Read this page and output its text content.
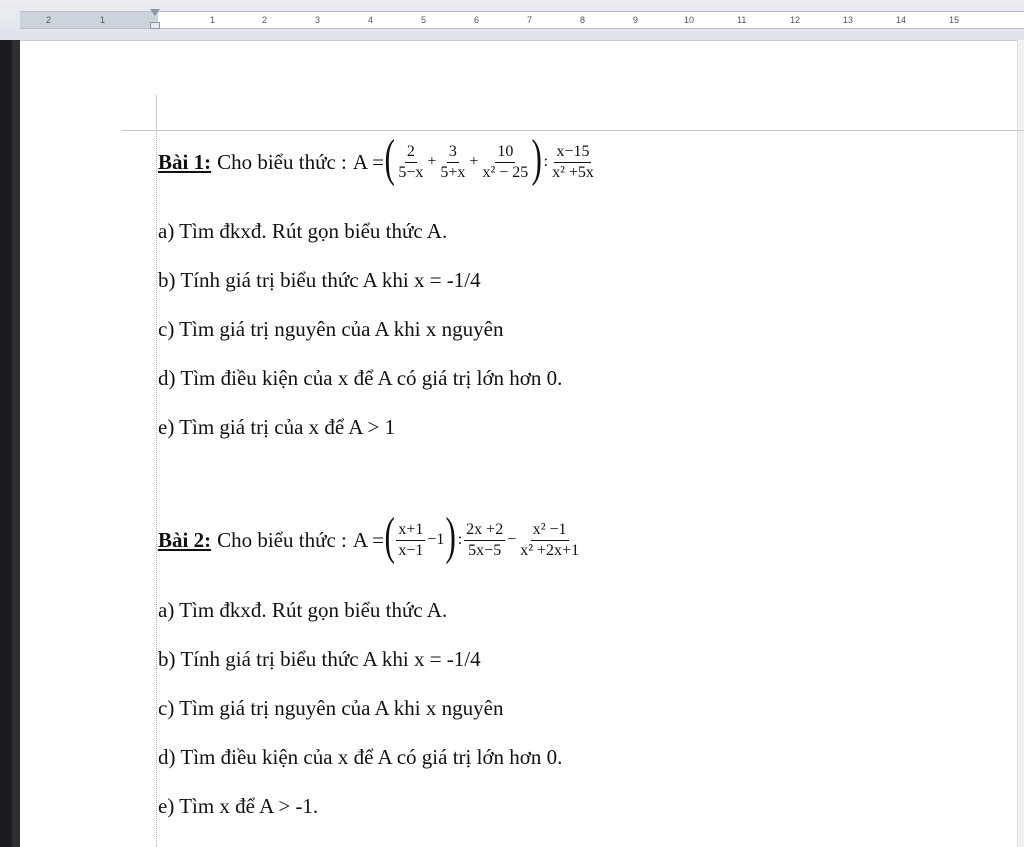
2	1	1	2	3	4	5	6	7	8	9	10	11	12	13	14	15
Bài 1: Cho biểu thức : A = ( $\frac{2}{5-x} + \frac{3}{5+x} + \frac{10}{\text{x² − 25}}$ ) : $\frac{x-15}{\text{x² +5x}}$
a) Tìm đkxđ. Rút gọn biểu thức A.
b) Tính giá trị biểu thức A khi x = -1/4
c) Tìm giá trị nguyên của A khi x nguyên
d) Tìm điều kiện của x để A có giá trị lớn hơn 0.
e) Tìm giá trị của x để A > 1
Bài 2: Cho biểu thức : A = ( $\frac{x+1}{x-1} -1$ ) : $\frac{2x +2}{5x-5} - \frac{\text{x² −1}}{\text{x² +2x+1}}$
a) Tìm đkxđ. Rút gọn biểu thức A.
b) Tính giá trị biểu thức A khi x = -1/4
c) Tìm giá trị nguyên của A khi x nguyên
d) Tìm điều kiện của x để A có giá trị lớn hơn 0.
e) Tìm x để A > -1.
